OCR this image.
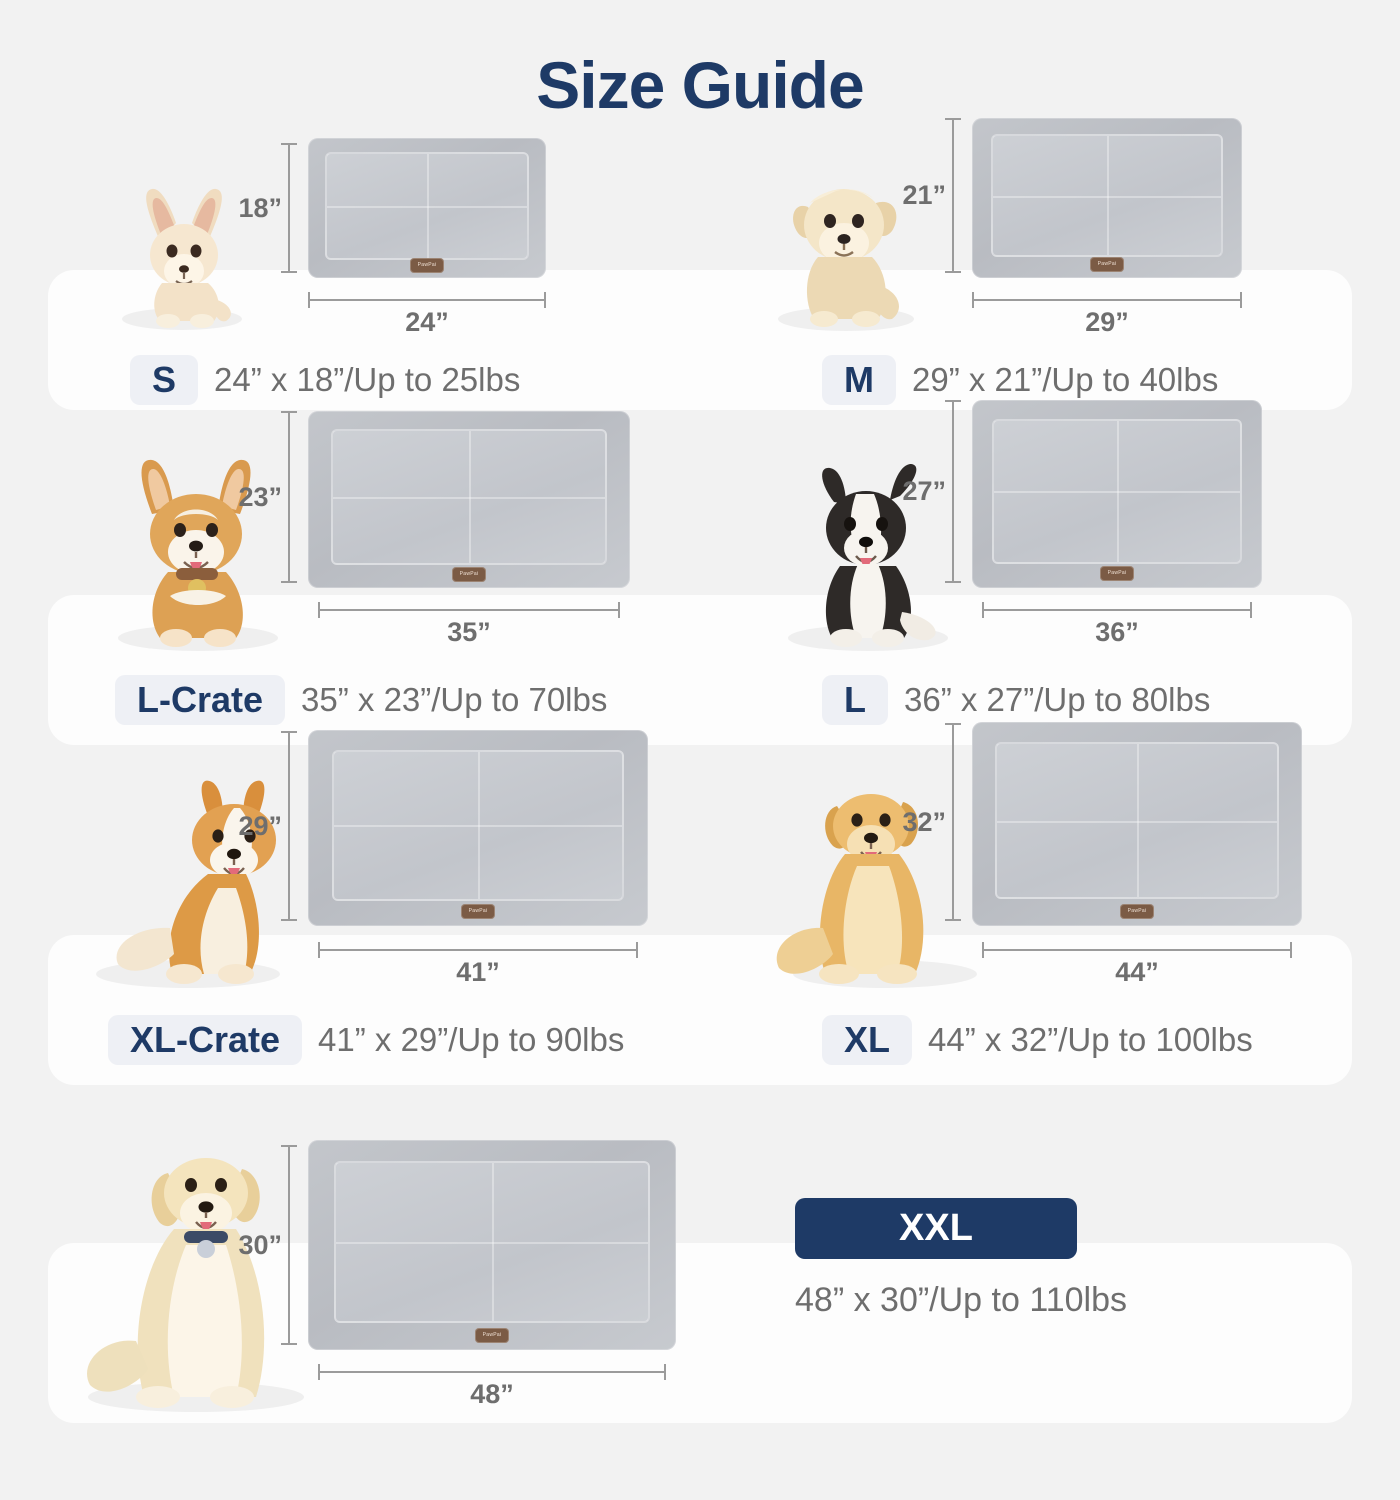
Size Guide
18”
PawPai
24”
S	24” x 18”/Up to 25lbs
21”
PawPai
29”
M	29” x 21”/Up to 40lbs
23”
PawPai
35”
L-Crate	35” x 23”/Up to 70lbs
27”
PawPai
36”
L	36” x 27”/Up to 80lbs
29”
PawPai
41”
XL-Crate	41” x 29”/Up to 90lbs
32”
PawPai
44”
XL	44” x 32”/Up to 100lbs
30”
PawPai
48”
XXL
48” x 30”/Up to 110lbs
